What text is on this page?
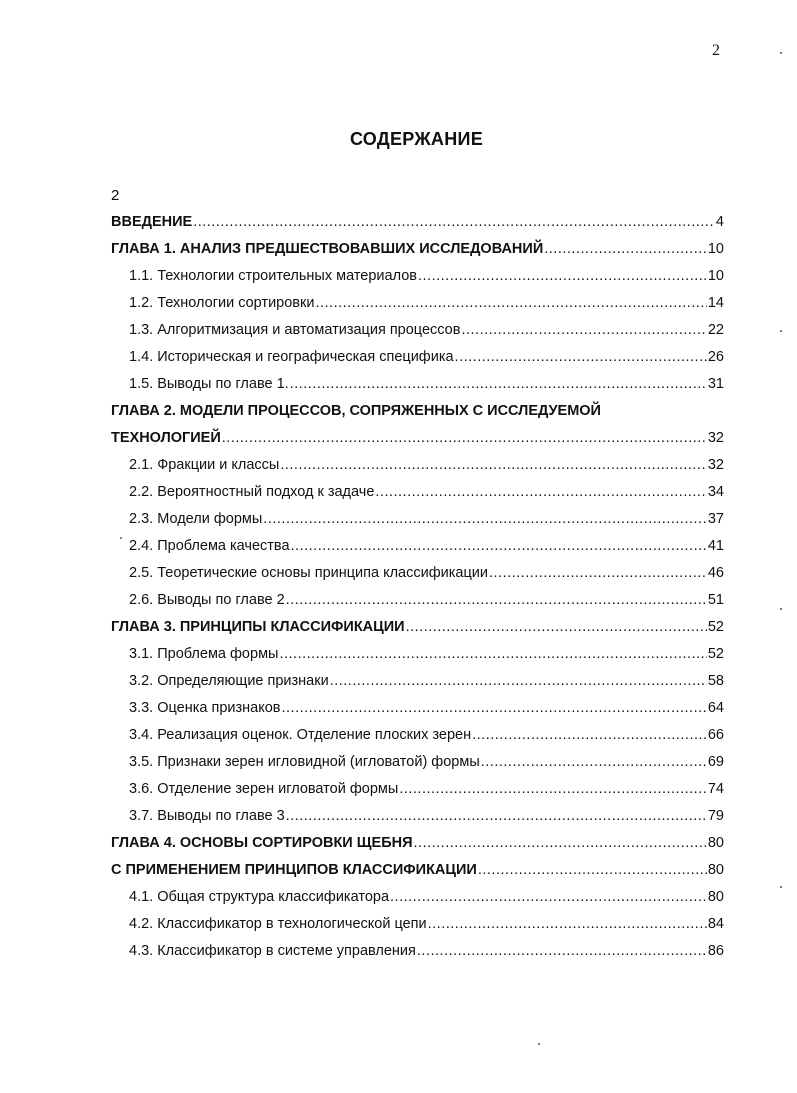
2
СОДЕРЖАНИЕ
2
ВВЕДЕНИЕ .....	4
ГЛАВА 1. АНАЛИЗ ПРЕДШЕСТВОВАВШИХ ИССЛЕДОВАНИЙ .....	10
1.1. Технологии строительных материалов .....	10
1.2. Технологии сортировки .....	14
1.3. Алгоритмизация и автоматизация процессов .....	22
1.4. Историческая и географическая специфика .....	26
1.5. Выводы по главе 1. .....	31
ГЛАВА 2. МОДЕЛИ ПРОЦЕССОВ, СОПРЯЖЕННЫХ С ИССЛЕДУЕМОЙ
ТЕХНОЛОГИЕЙ .....	32
2.1. Фракции и классы .....	32
2.2. Вероятностный подход к задаче .....	34
2.3. Модели формы .....	37
2.4. Проблема качества .....	41
2.5. Теоретические основы принципа классификации .....	46
2.6. Выводы по главе 2 .....	51
ГЛАВА 3. ПРИНЦИПЫ КЛАССИФИКАЦИИ .....	52
3.1. Проблема формы .....	52
3.2. Определяющие признаки .....	58
3.3. Оценка признаков .....	64
3.4. Реализация оценок. Отделение плоских зерен .....	66
3.5. Признаки зерен игловидной (игловатой) формы .....	69
3.6. Отделение зерен игловатой формы .....	74
3.7. Выводы по главе 3 .....	79
ГЛАВА 4. ОСНОВЫ СОРТИРОВКИ ЩЕБНЯ .....	80
С ПРИМЕНЕНИЕМ ПРИНЦИПОВ КЛАССИФИКАЦИИ .....	80
4.1. Общая структура классификатора .....	80
4.2. Классификатор в технологической цепи .....	84
4.3. Классификатор в системе управления .....	86
